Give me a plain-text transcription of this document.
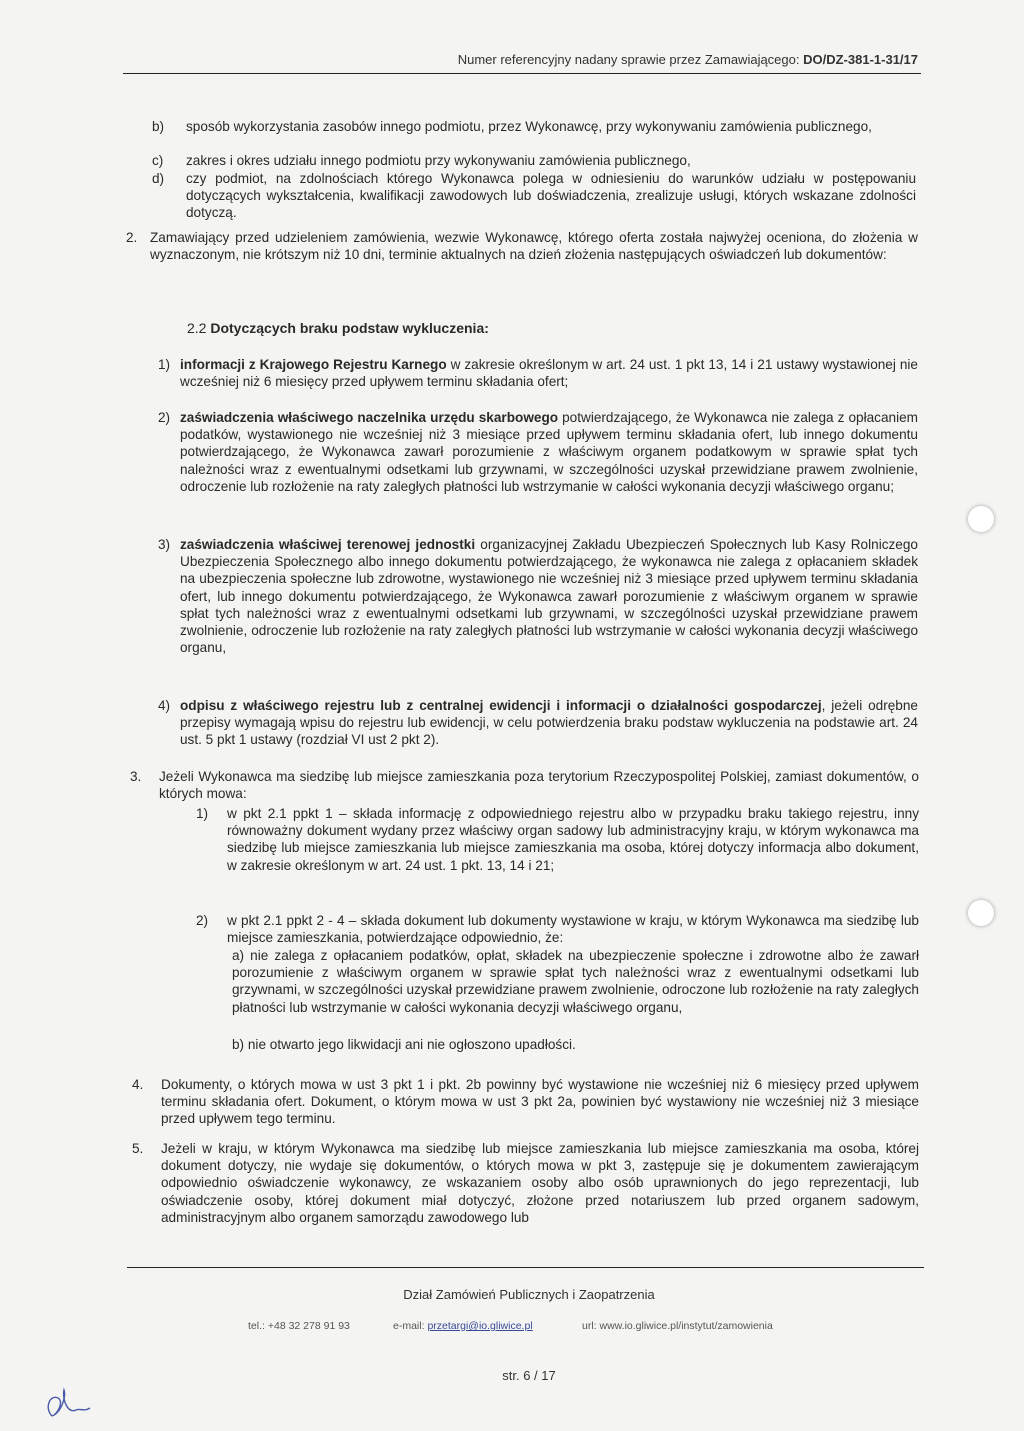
Numer referencyjny nadany sprawie przez Zamawiającego: DO/DZ-381-1-31/17
b) sposób wykorzystania zasobów innego podmiotu, przez Wykonawcę, przy wykonywaniu zamówienia publicznego,
c) zakres i okres udziału innego podmiotu przy wykonywaniu zamówienia publicznego,
d) czy podmiot, na zdolnościach którego Wykonawca polega w odniesieniu do warunków udziału w postępowaniu dotyczących wykształcenia, kwalifikacji zawodowych lub doświadczenia, zrealizuje usługi, których wskazane zdolności dotyczą.
2. Zamawiający przed udzieleniem zamówienia, wezwie Wykonawcę, którego oferta została najwyżej oceniona, do złożenia w wyznaczonym, nie krótszym niż 10 dni, terminie aktualnych na dzień złożenia następujących oświadczeń lub dokumentów:
2.2 Dotyczących braku podstaw wykluczenia:
1) informacji z Krajowego Rejestru Karnego w zakresie określonym w art. 24 ust. 1 pkt 13, 14 i 21 ustawy wystawionej nie wcześniej niż 6 miesięcy przed upływem terminu składania ofert;
2) zaświadczenia właściwego naczelnika urzędu skarbowego potwierdzającego, że Wykonawca nie zalega z opłacaniem podatków, wystawionego nie wcześniej niż 3 miesiące przed upływem terminu składania ofert, lub innego dokumentu potwierdzającego, że Wykonawca zawarł porozumienie z właściwym organem podatkowym w sprawie spłat tych należności wraz z ewentualnymi odsetkami lub grzywnami, w szczególności uzyskał przewidziane prawem zwolnienie, odroczenie lub rozłożenie na raty zaległych płatności lub wstrzymanie w całości wykonania decyzji właściwego organu;
3) zaświadczenia właściwej terenowej jednostki organizacyjnej Zakładu Ubezpieczeń Społecznych lub Kasy Rolniczego Ubezpieczenia Społecznego albo innego dokumentu potwierdzającego, że wykonawca nie zalega z opłacaniem składek na ubezpieczenia społeczne lub zdrowotne, wystawionego nie wcześniej niż 3 miesiące przed upływem terminu składania ofert, lub innego dokumentu potwierdzającego, że Wykonawca zawarł porozumienie z właściwym organem w sprawie spłat tych należności wraz z ewentualnymi odsetkami lub grzywnami, w szczególności uzyskał przewidziane prawem zwolnienie, odroczenie lub rozłożenie na raty zaległych płatności lub wstrzymanie w całości wykonania decyzji właściwego organu,
4) odpisu z właściwego rejestru lub z centralnej ewidencji i informacji o działalności gospodarczej, jeżeli odrębne przepisy wymagają wpisu do rejestru lub ewidencji, w celu potwierdzenia braku podstaw wykluczenia na podstawie art. 24 ust. 5 pkt 1 ustawy (rozdział VI ust 2 pkt 2).
3. Jeżeli Wykonawca ma siedzibę lub miejsce zamieszkania poza terytorium Rzeczypospolitej Polskiej, zamiast dokumentów, o których mowa:
1) w pkt 2.1 ppkt 1 – składa informację z odpowiedniego rejestru albo w przypadku braku takiego rejestru, inny równoważny dokument wydany przez właściwy organ sadowy lub administracyjny kraju, w którym wykonawca ma siedzibę lub miejsce zamieszkania lub miejsce zamieszkania ma osoba, której dotyczy informacja albo dokument, w zakresie określonym w art. 24 ust. 1 pkt. 13, 14 i 21;
2) w pkt 2.1 ppkt 2 - 4 – składa dokument lub dokumenty wystawione w kraju, w którym Wykonawca ma siedzibę lub miejsce zamieszkania, potwierdzające odpowiednio, że:
a) nie zalega z opłacaniem podatków, opłat, składek na ubezpieczenie społeczne i zdrowotne albo że zawarł porozumienie z właściwym organem w sprawie spłat tych należności wraz z ewentualnymi odsetkami lub grzywnami, w szczególności uzyskał przewidziane prawem zwolnienie, odroczone lub rozłożenie na raty zaległych płatności lub wstrzymanie w całości wykonania decyzji właściwego organu,
b) nie otwarto jego likwidacji ani nie ogłoszono upadłości.
4. Dokumenty, o których mowa w ust 3 pkt 1 i pkt. 2b powinny być wystawione nie wcześniej niż 6 miesięcy przed upływem terminu składania ofert. Dokument, o którym mowa w ust 3 pkt 2a, powinien być wystawiony nie wcześniej niż 3 miesiące przed upływem tego terminu.
5. Jeżeli w kraju, w którym Wykonawca ma siedzibę lub miejsce zamieszkania lub miejsce zamieszkania ma osoba, której dokument dotyczy, nie wydaje się dokumentów, o których mowa w pkt 3, zastępuje się je dokumentem zawierającym odpowiednio oświadczenie wykonawcy, ze wskazaniem osoby albo osób uprawnionych do jego reprezentacji, lub oświadczenie osoby, której dokument miał dotyczyć, złożone przed notariuszem lub przed organem sadowym, administracyjnym albo organem samorządu zawodowego lub
Dział Zamówień Publicznych i Zaopatrzenia
tel.: +48 32 278 91 93	e-mail: przetargi@io.gliwice.pl	url: www.io.gliwice.pl/instytut/zamowienia
str. 6 / 17
